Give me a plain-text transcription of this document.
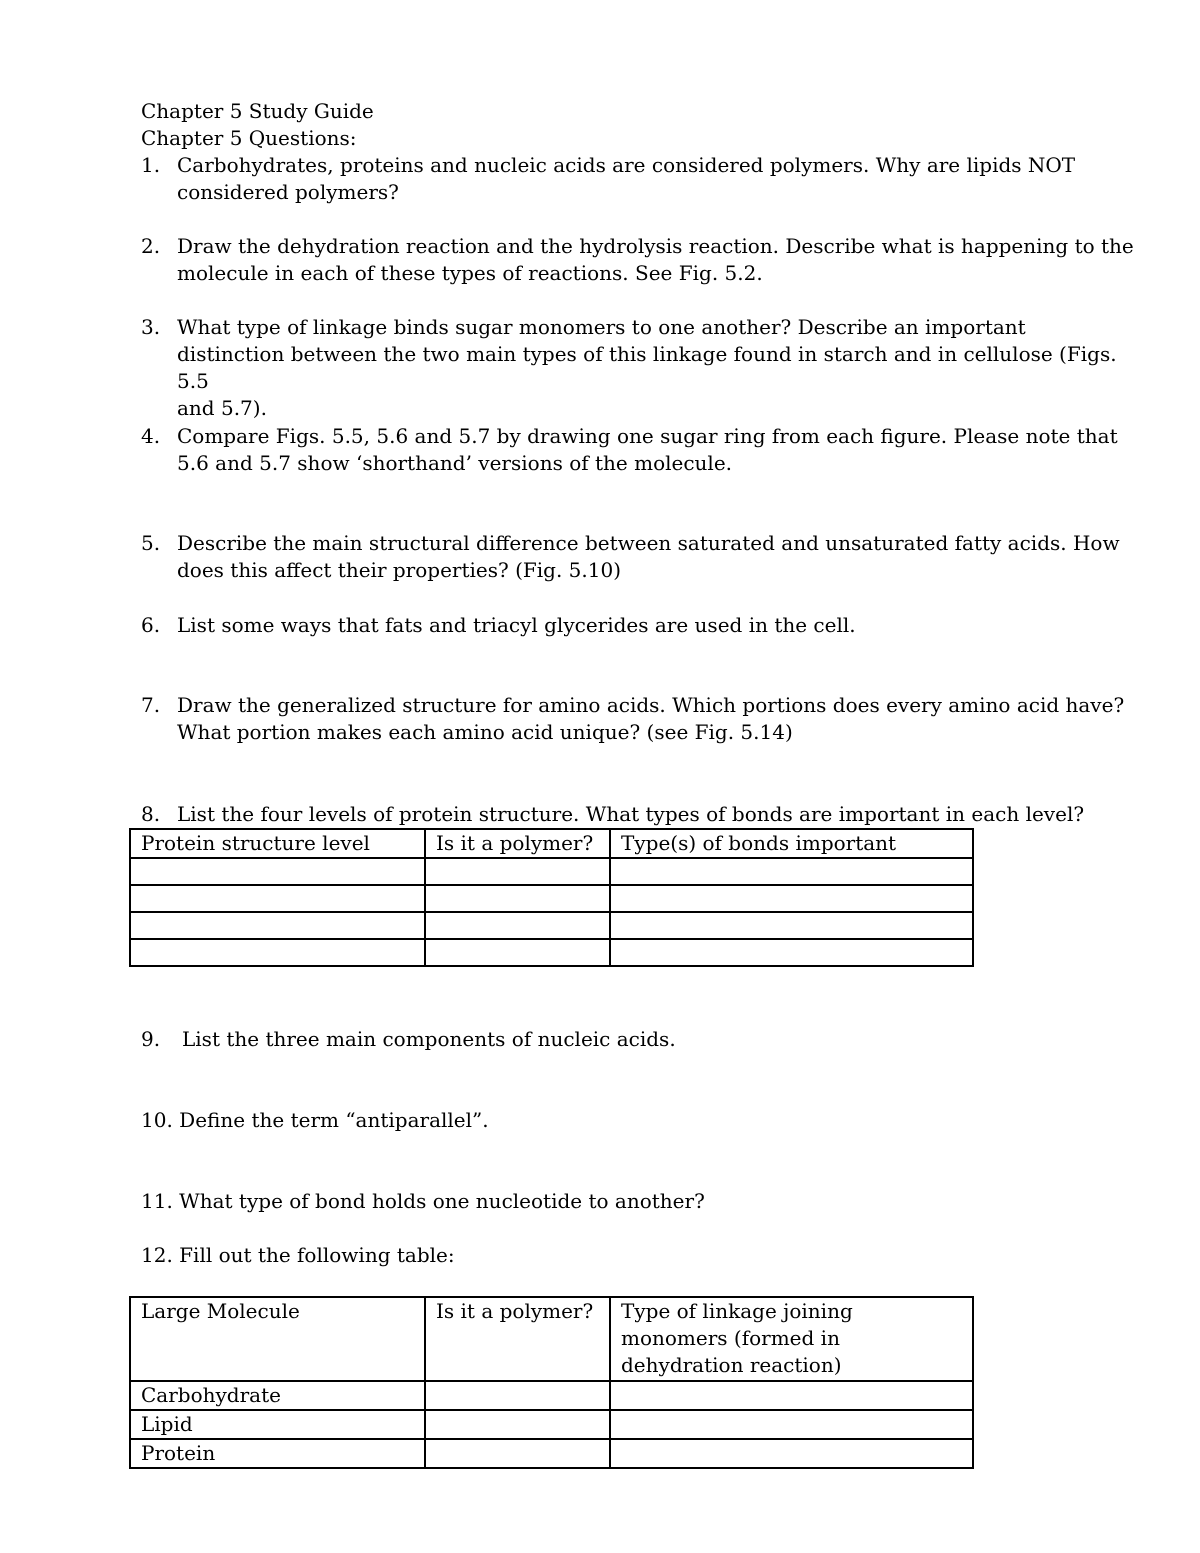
Chapter 5 Study Guide
Chapter 5 Questions:
1. Carbohydrates, proteins and nucleic acids are considered polymers. Why are lipids NOT
considered polymers?
2. Draw the dehydration reaction and the hydrolysis reaction. Describe what is happening to the
molecule in each of these types of reactions. See Fig. 5.2.
3. What type of linkage binds sugar monomers to one another? Describe an important
distinction between the two main types of this linkage found in starch and in cellulose (Figs. 5.5
and 5.7).
4. Compare Figs. 5.5, 5.6 and 5.7 by drawing one sugar ring from each figure. Please note that
5.6 and 5.7 show ‘shorthand’ versions of the molecule.
5. Describe the main structural difference between saturated and unsaturated fatty acids. How
does this affect their properties? (Fig. 5.10)
6. List some ways that fats and triacyl glycerides are used in the cell.
7. Draw the generalized structure for amino acids. Which portions does every amino acid have?
What portion makes each amino acid unique? (see Fig. 5.14)
8. List the four levels of protein structure. What types of bonds are important in each level?
Protein structure level	Is it a polymer?	Type(s) of bonds important

9. List the three main components of nucleic acids.
10. Define the term “antiparallel”.
11. What type of bond holds one nucleotide to another?
12. Fill out the following table:
Large Molecule	Is it a polymer?	Type of linkage joining
monomers (formed in
dehydration reaction)
Carbohydrate		
Lipid		
Protein		
